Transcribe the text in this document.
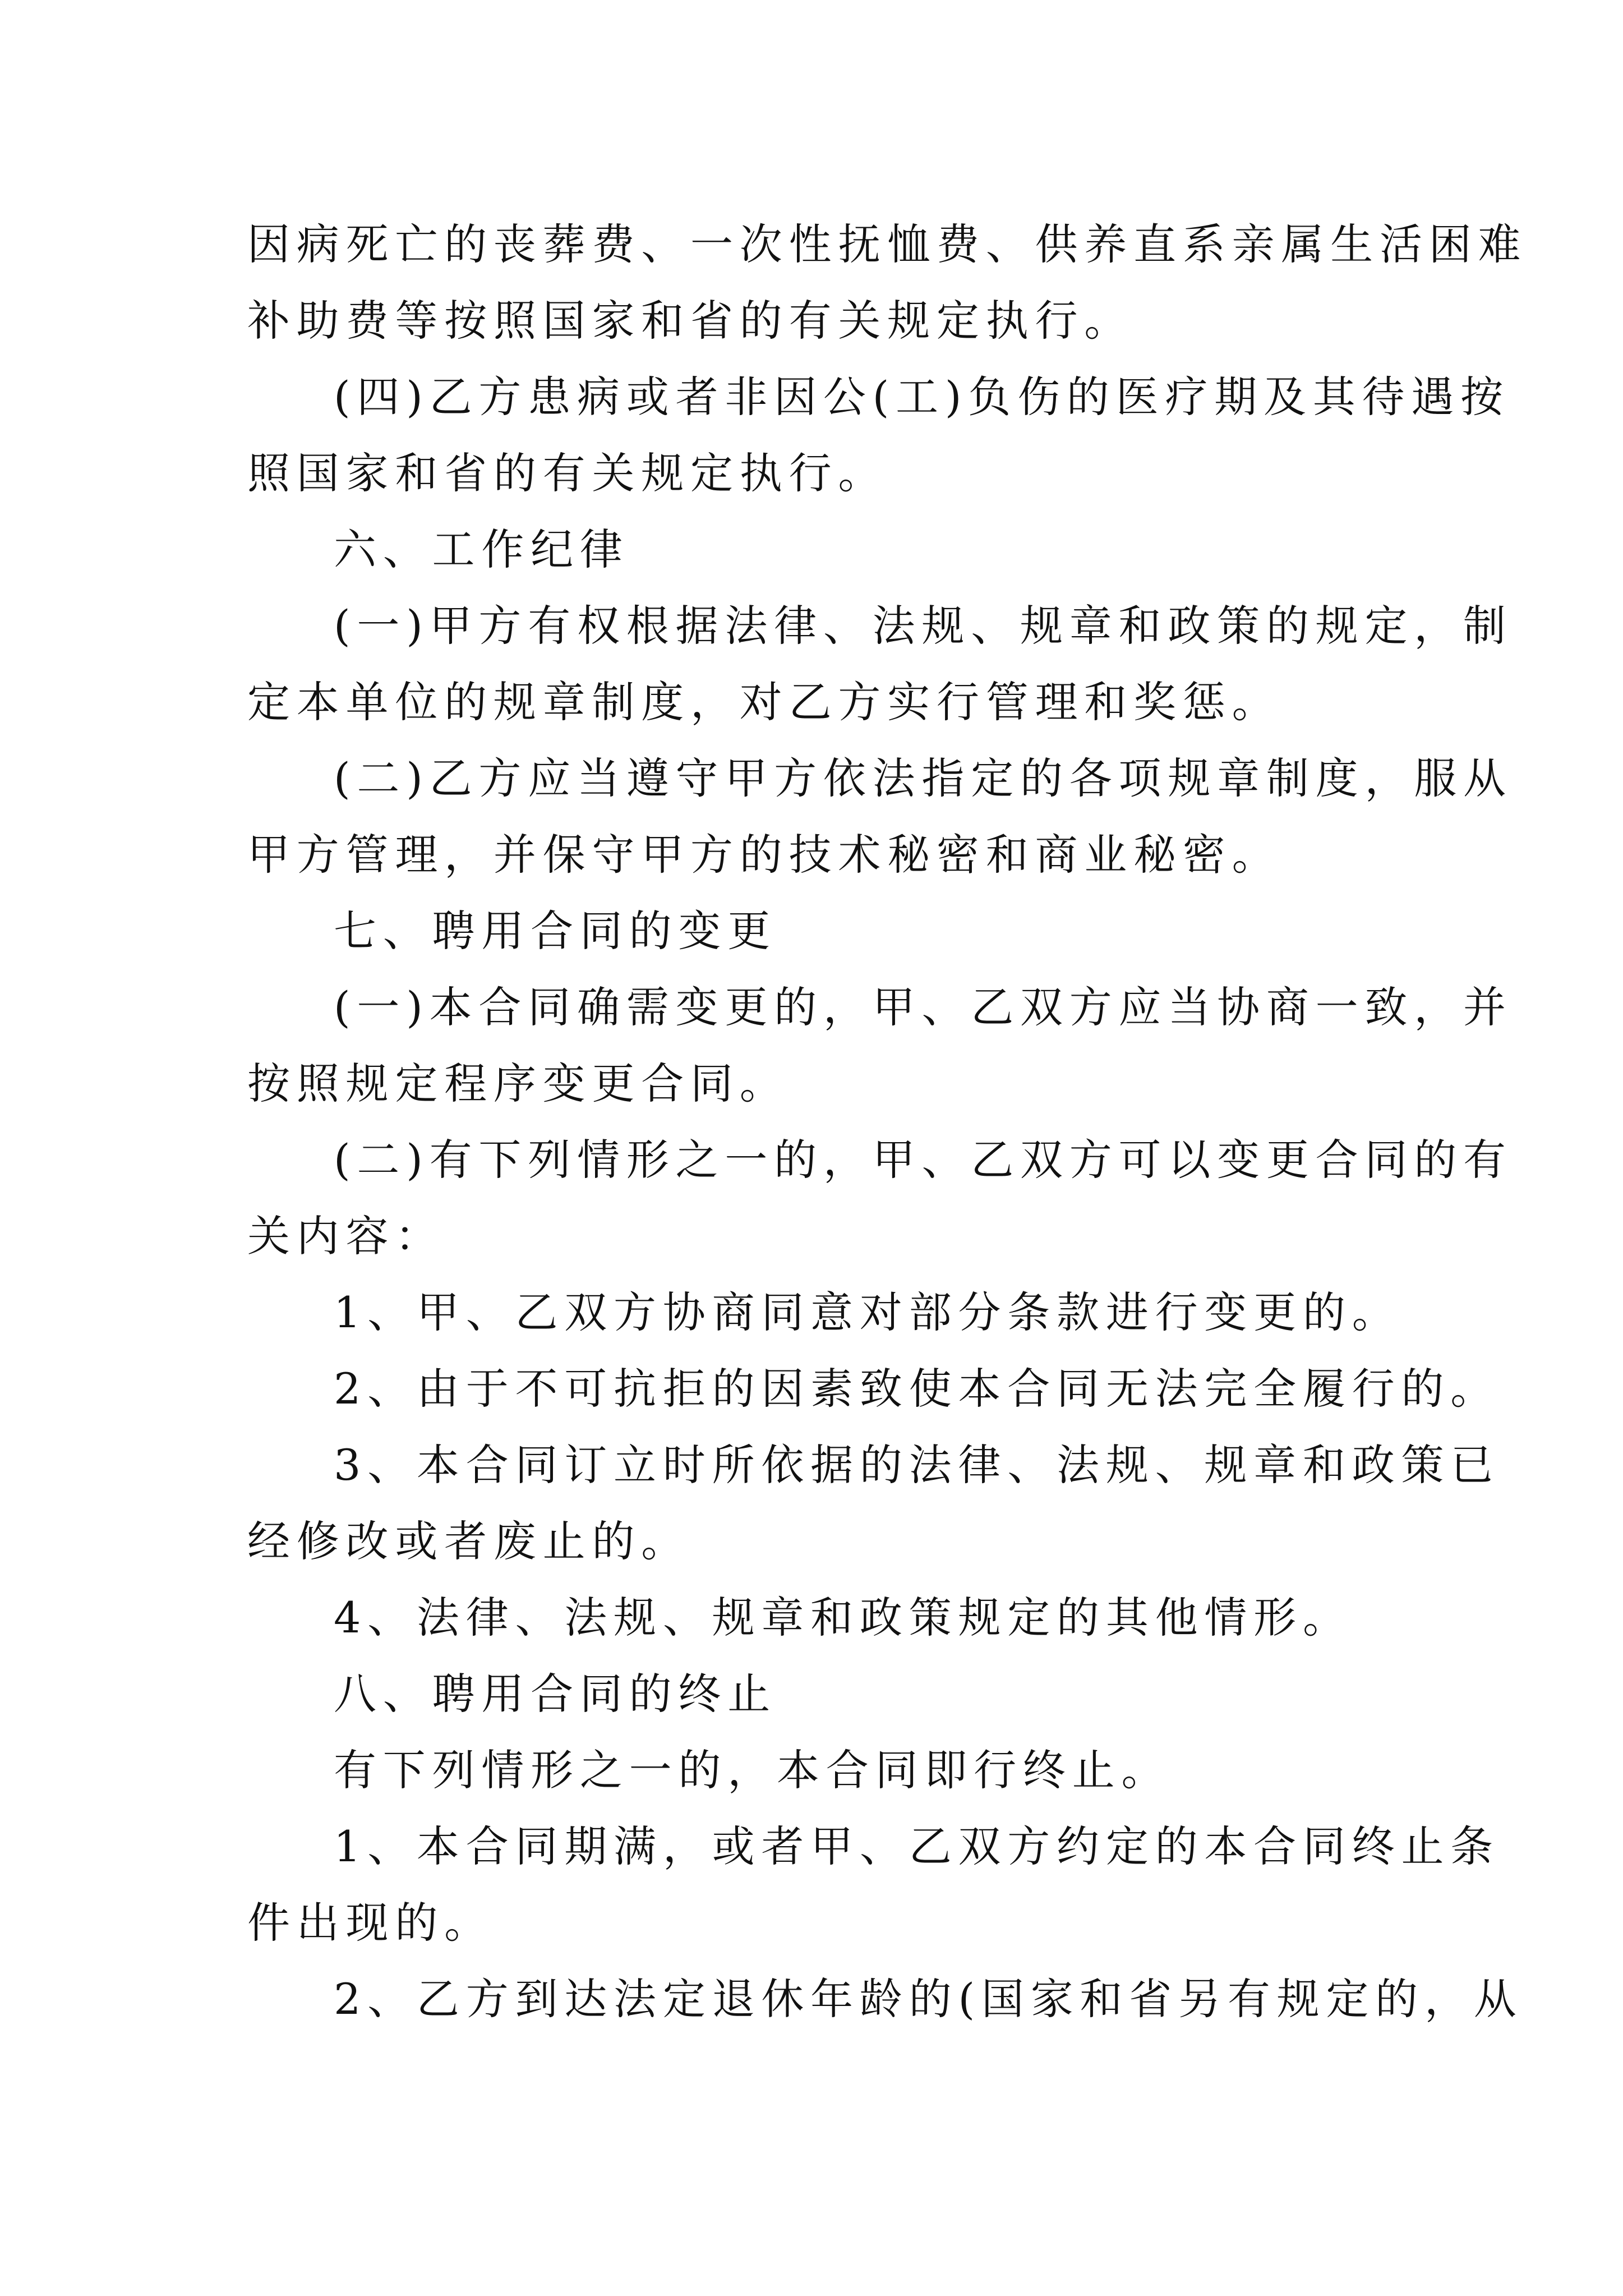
因病死亡的丧葬费、一次性抚恤费、供养直系亲属生活困难
补助费等按照国家和省的有关规定执行。
(四)乙方患病或者非因公(工)负伤的医疗期及其待遇按
照国家和省的有关规定执行。
六、工作纪律
(一)甲方有权根据法律、法规、规章和政策的规定，制
定本单位的规章制度，对乙方实行管理和奖惩。
(二)乙方应当遵守甲方依法指定的各项规章制度，服从
甲方管理，并保守甲方的技术秘密和商业秘密。
七、聘用合同的变更
(一)本合同确需变更的，甲、乙双方应当协商一致，并
按照规定程序变更合同。
(二)有下列情形之一的，甲、乙双方可以变更合同的有
关内容：
1、甲、乙双方协商同意对部分条款进行变更的。
2、由于不可抗拒的因素致使本合同无法完全履行的。
3、本合同订立时所依据的法律、法规、规章和政策已
经修改或者废止的。
4、法律、法规、规章和政策规定的其他情形。
八、聘用合同的终止
有下列情形之一的，本合同即行终止。
1、本合同期满，或者甲、乙双方约定的本合同终止条
件出现的。
2、乙方到达法定退休年龄的(国家和省另有规定的，从
